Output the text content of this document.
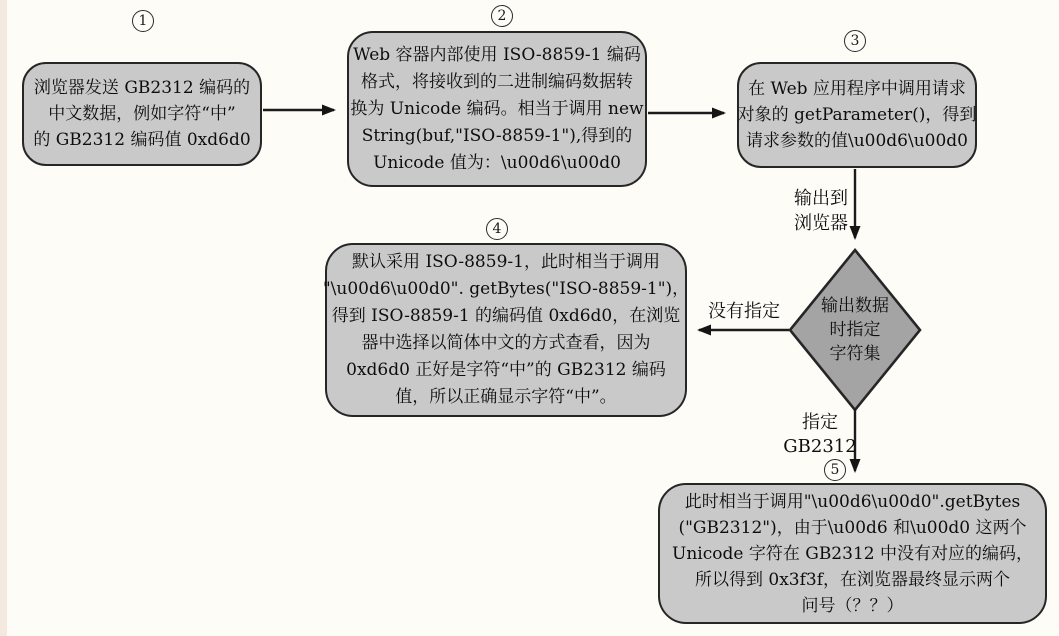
1	2
3
4
5
浏览器发送 GB2312 编码的
中文数据，例如字符“中”
的 GB2312 编码值 0xd6d0
Web 容器内部使用 ISO-8859-1 编码
格式，将接收到的二进制编码数据转
换为 Unicode 编码。相当于调用 new
String(buf,"ISO-8859-1"),得到的
Unicode 值为：\u00d6\u00d0
在 Web 应用程序中调用请求
对象的 getParameter()，得到
请求参数的值\u00d6\u00d0
默认采用 ISO-8859-1，此时相当于调用
"\u00d6\u00d0". getBytes("ISO-8859-1")，
得到 ISO-8859-1 的编码值 0xd6d0，在浏览
器中选择以简体中文的方式查看，因为
0xd6d0 正好是字符“中”的 GB2312 编码
值，所以正确显示字符“中”。
此时相当于调用"\u00d6\u00d0".getBytes
("GB2312")，由于\u00d6 和\u00d0 这两个
Unicode 字符在 GB2312 中没有对应的编码，
所以得到 0x3f3f，在浏览器最终显示两个
问号（？？）
输出数据
时指定
字符集
输出到
浏览器
没有指定
指定
GB2312
